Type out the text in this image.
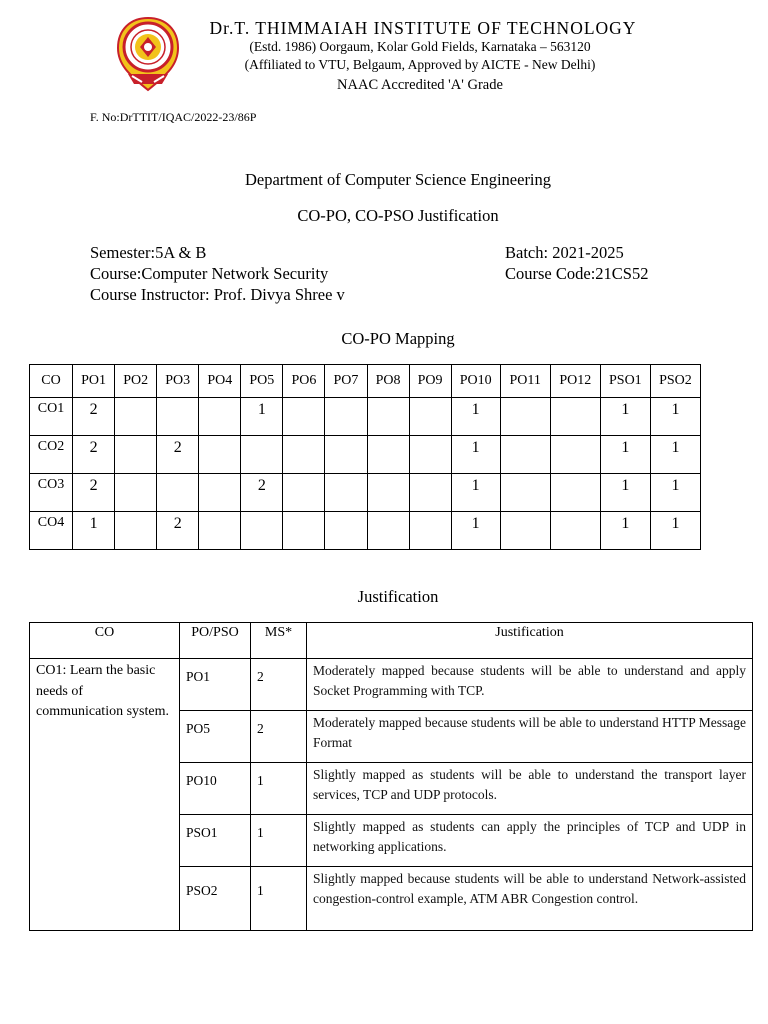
Dr.T. THIMMAIAH INSTITUTE OF TECHNOLOGY
(Estd. 1986) Oorgaum, Kolar Gold Fields, Karnataka – 563120
(Affiliated to VTU, Belgaum, Approved by AICTE - New Delhi)
NAAC Accredited 'A' Grade
F. No:DrTTIT/IQAC/2022-23/86P
Department of Computer Science Engineering
CO-PO, CO-PSO Justification
Semester:5A & B
Course:Computer Network Security
Course Instructor: Prof. Divya Shree v
Batch: 2021-2025
Course Code:21CS52
CO-PO Mapping
CO	PO1	PO2	PO3	PO4	PO5	PO6	PO7	PO8	PO9	PO10	PO11	PO12	PSO1	PSO2
CO1	2				1					1			1	1
CO2	2		2							1			1	1
CO3	2				2					1			1	1
CO4	1		2							1			1	1
Justification
CO	PO/PSO	MS*	Justification
CO1: Learn the basic needs of communication system.	PO1	2	Moderately mapped because students will be able to understand and apply Socket Programming with TCP.
	PO5	2	Moderately mapped because students will be able to understand HTTP Message Format
	PO10	1	Slightly mapped as students will be able to understand the transport layer services, TCP and UDP protocols.
	PSO1	1	Slightly mapped as students can apply the principles of TCP and UDP in networking applications.
	PSO2	1	Slightly mapped because students will be able to understand Network-assisted congestion-control example, ATM ABR Congestion control.
